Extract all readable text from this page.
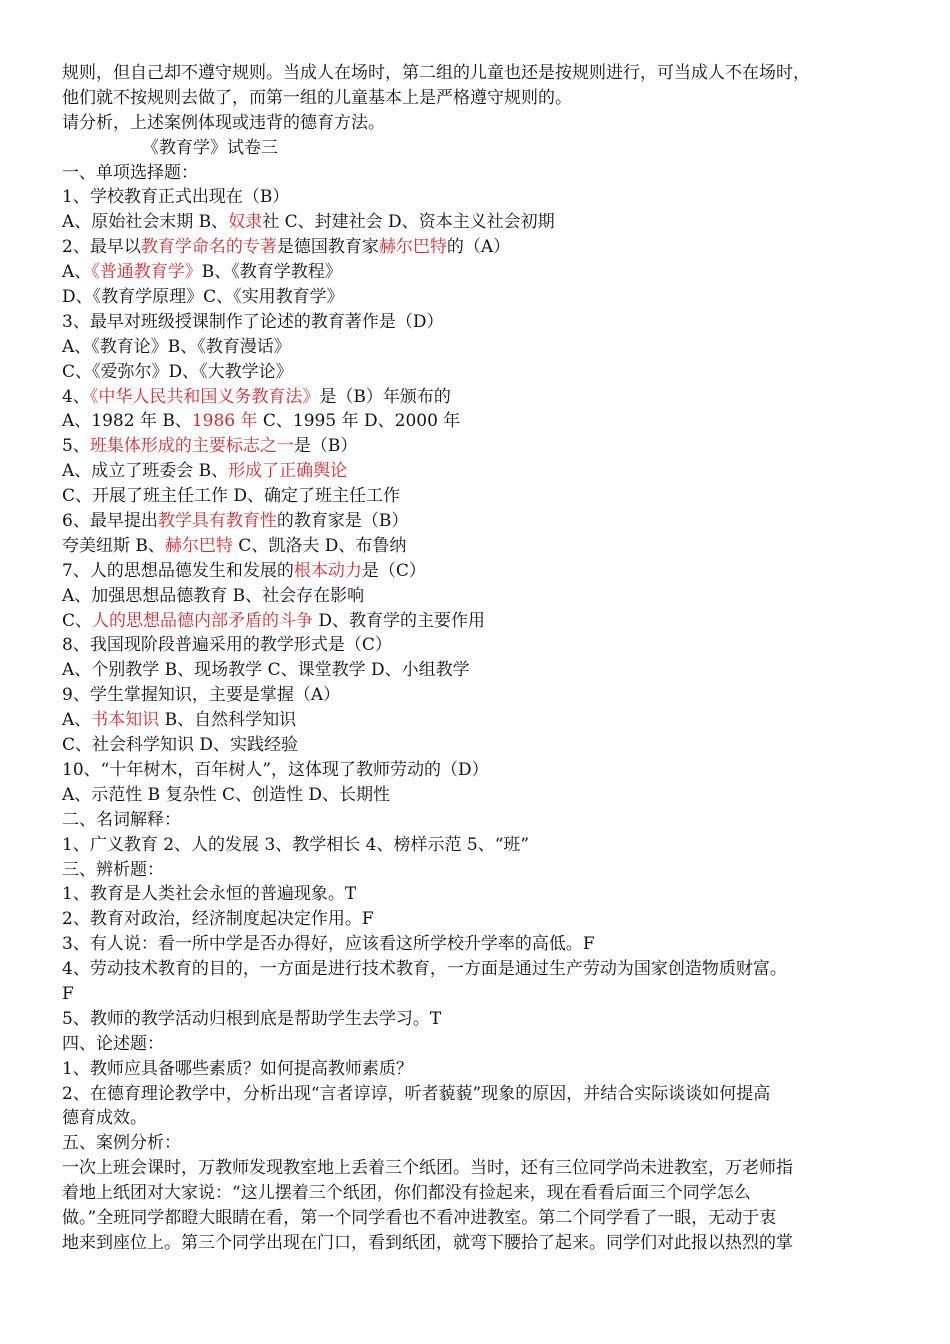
规则，但自己却不遵守规则。当成人在场时，第二组的儿童也还是按规则进行，可当成人不在场时，
他们就不按规则去做了，而第一组的儿童基本上是严格遵守规则的。
请分析，上述案例体现或违背的德育方法。
《教育学》试卷三
一、单项选择题：
1、学校教育正式出现在（B）
A、原始社会末期 B、奴隶社 C、封建社会 D、资本主义社会初期
2、最早以教育学命名的专著是德国教育家赫尔巴特的（A）
A、《普通教育学》B、《教育学教程》
D、《教育学原理》C、《实用教育学》
3、最早对班级授课制作了论述的教育著作是（D）
A、《教育论》B、《教育漫话》
C、《爱弥尔》D、《大教学论》
4、《中华人民共和国义务教育法》是（B）年颁布的
A、1982 年 B、1986 年 C、1995 年 D、2000 年
5、班集体形成的主要标志之一是（B）
A、成立了班委会 B、形成了正确舆论
C、开展了班主任工作 D、确定了班主任工作
6、最早提出教学具有教育性的教育家是（B）
夸美纽斯 B、赫尔巴特 C、凯洛夫 D、布鲁纳
7、人的思想品德发生和发展的根本动力是（C）
A、加强思想品德教育 B、社会存在影响
C、人的思想品德内部矛盾的斗争 D、教育学的主要作用
8、我国现阶段普遍采用的教学形式是（C）
A、个别教学 B、现场教学 C、课堂教学 D、小组教学
9、学生掌握知识，主要是掌握（A）
A、书本知识 B、自然科学知识
C、社会科学知识 D、实践经验
10、“十年树木，百年树人”，这体现了教师劳动的（D）
A、示范性 B 复杂性 C、创造性 D、长期性
二、名词解释：
1、广义教育 2、人的发展 3、教学相长 4、榜样示范 5、“班”
三、辨析题：
1、教育是人类社会永恒的普遍现象。T
2、教育对政治，经济制度起决定作用。F
3、有人说：看一所中学是否办得好，应该看这所学校升学率的高低。F
4、劳动技术教育的目的，一方面是进行技术教育，一方面是通过生产劳动为国家创造物质财富。
F
5、教师的教学活动归根到底是帮助学生去学习。T
四、论述题：
1、教师应具备哪些素质？如何提高教师素质？
2、在德育理论教学中，分析出现“言者谆谆，听者藐藐”现象的原因，并结合实际谈谈如何提高
德育成效。
五、案例分析：
一次上班会课时，万教师发现教室地上丢着三个纸团。当时，还有三位同学尚未进教室，万老师指
着地上纸团对大家说：“这儿摆着三个纸团，你们都没有捡起来，现在看看后面三个同学怎么
做。”全班同学都瞪大眼睛在看，第一个同学看也不看冲进教室。第二个同学看了一眼，无动于衷
地来到座位上。第三个同学出现在门口，看到纸团，就弯下腰拾了起来。同学们对此报以热烈的掌
